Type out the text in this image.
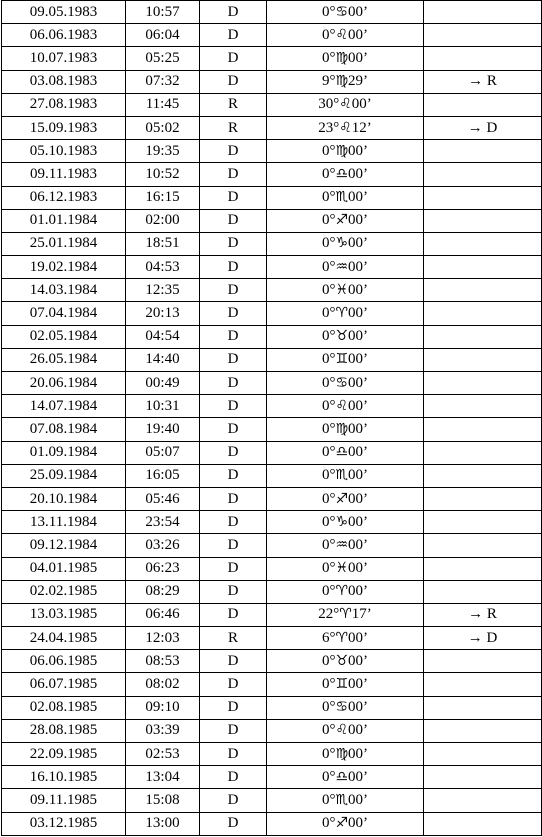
09.05.1983	10:57	D	0°♋00’	
06.06.1983	06:04	D	0°♌00’	
10.07.1983	05:25	D	0°♍00’	
03.08.1983	07:32	D	9°♍29’	→ R
27.08.1983	11:45	R	30°♌00’	
15.09.1983	05:02	R	23°♌12’	→ D
05.10.1983	19:35	D	0°♍00’	
09.11.1983	10:52	D	0°♎00’	
06.12.1983	16:15	D	0°♏00’	
01.01.1984	02:00	D	0°♐00’	
25.01.1984	18:51	D	0°♑00’	
19.02.1984	04:53	D	0°♒00’	
14.03.1984	12:35	D	0°♓00’	
07.04.1984	20:13	D	0°♈00’	
02.05.1984	04:54	D	0°♉00’	
26.05.1984	14:40	D	0°♊00’	
20.06.1984	00:49	D	0°♋00’	
14.07.1984	10:31	D	0°♌00’	
07.08.1984	19:40	D	0°♍00’	
01.09.1984	05:07	D	0°♎00’	
25.09.1984	16:05	D	0°♏00’	
20.10.1984	05:46	D	0°♐00’	
13.11.1984	23:54	D	0°♑00’	
09.12.1984	03:26	D	0°♒00’	
04.01.1985	06:23	D	0°♓00’	
02.02.1985	08:29	D	0°♈00’	
13.03.1985	06:46	D	22°♈17’	→ R
24.04.1985	12:03	R	6°♈00’	→ D
06.06.1985	08:53	D	0°♉00’	
06.07.1985	08:02	D	0°♊00’	
02.08.1985	09:10	D	0°♋00’	
28.08.1985	03:39	D	0°♌00’	
22.09.1985	02:53	D	0°♍00’	
16.10.1985	13:04	D	0°♎00’	
09.11.1985	15:08	D	0°♏00’	
03.12.1985	13:00	D	0°♐00’	
